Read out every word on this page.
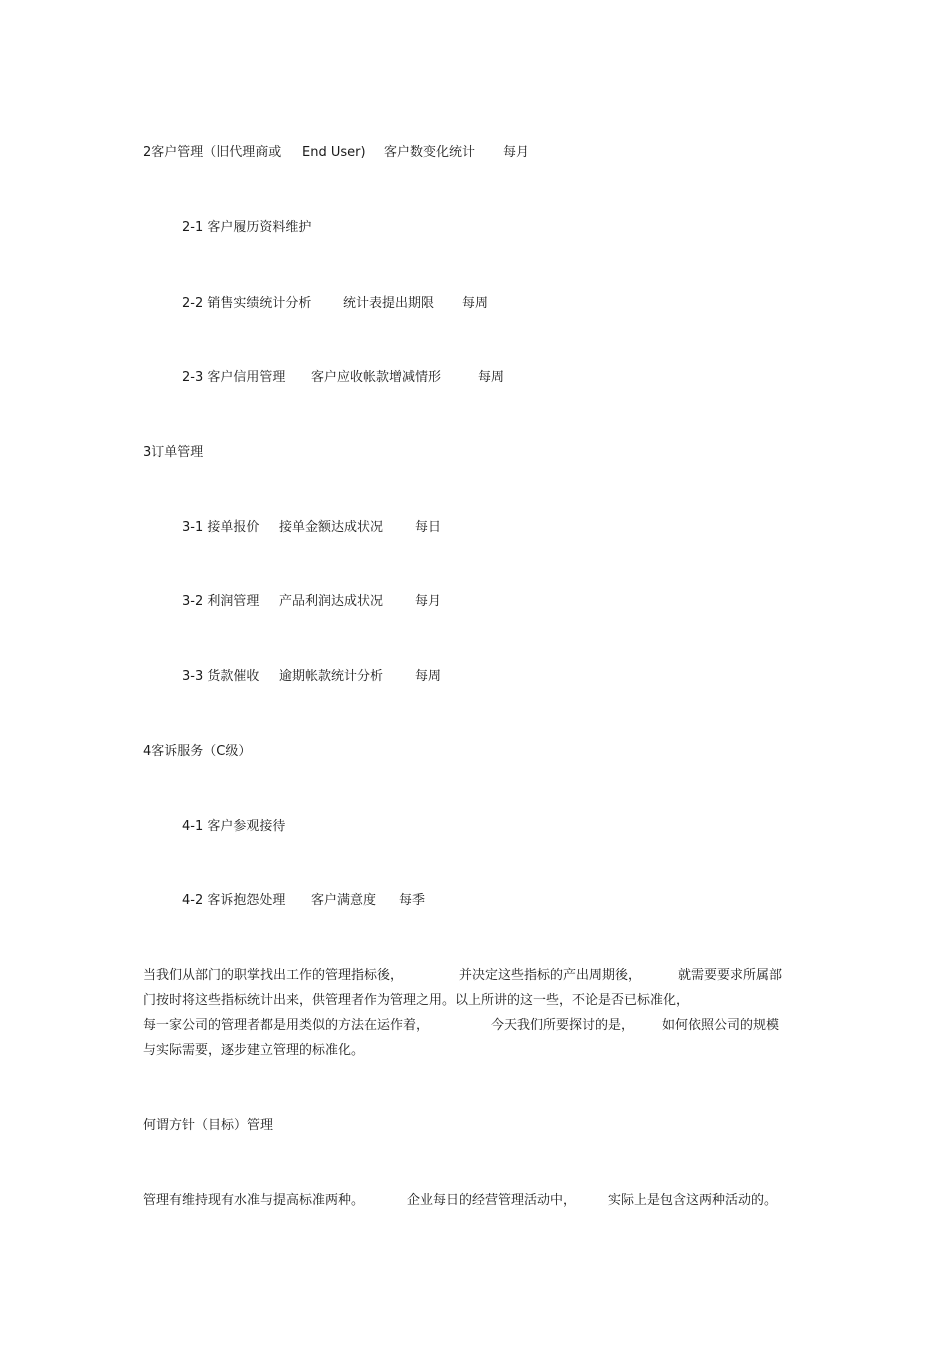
2客户管理（旧代理商或 End User) 客户数变化统计 每月
2-1 客户履历资料维护
2-2 销售实绩统计分析 统计表提出期限 每周
2-3 客户信用管理 客户应收帐款增减情形	每周
3订单管理
3-1 接单报价 接单金额达成状况 每日
3-2 利润管理 产品利润达成状况 每月
3-3 货款催收 逾期帐款统计分析 每周
4客诉服务（C级）
4-1 客户参观接待
4-2 客诉抱怨处理 客户满意度 每季
当我们从部门的职掌找出工作的管理指标後，	并决定这些指标的产出周期後，	就需要要求所属部
门按时将这些指标统计出来，供管理者作为管理之用。以上所讲的这一些，不论是否已标准化，
每一家公司的管理者都是用类似的方法在运作着，	今天我们所要探讨的是， 如何依照公司的规模
与实际需要，逐步建立管理的标准化。
何谓方针（目标）管理
管理有维持现有水准与提高标准两种。	企业每日的经营管理活动中， 实际上是包含这两种活动的。
